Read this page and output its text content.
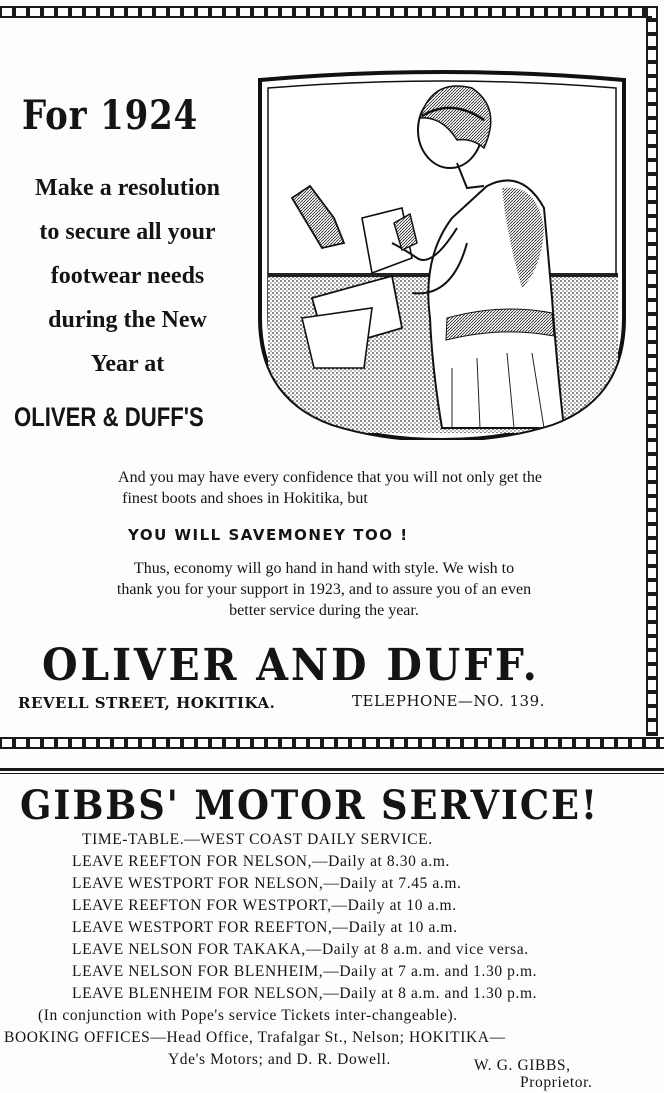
For 1924
Make a resolution
to secure all your
footwear needs
during the New
Year at
OLIVER & DUFF'S
And you may have every confidence that you will not only get the
finest boots and shoes in Hokitika, but
YOU WILL SAVEMONEY TOO !
Thus, economy will go hand in hand with style. We wish to
thank you for your support in 1923, and to assure you of an even
better service during the year.
OLIVER AND DUFF.
REVELL STREET, HOKITIKA.	TELEPHONE—NO. 139.
GIBBS' MOTOR SERVICE!
TIME-TABLE.—WEST COAST DAILY SERVICE.
LEAVE REEFTON FOR NELSON,—Daily at 8.30 a.m.
LEAVE WESTPORT FOR NELSON,—Daily at 7.45 a.m.
LEAVE REEFTON FOR WESTPORT,—Daily at 10 a.m.
LEAVE WESTPORT FOR REEFTON,—Daily at 10 a.m.
LEAVE NELSON FOR TAKAKA,—Daily at 8 a.m. and vice versa.
LEAVE NELSON FOR BLENHEIM,—Daily at 7 a.m. and 1.30 p.m.
LEAVE BLENHEIM FOR NELSON,—Daily at 8 a.m. and 1.30 p.m.
(In conjunction with Pope's service Tickets inter-changeable).
BOOKING OFFICES—Head Office, Trafalgar St., Nelson; HOKITIKA—
Yde's Motors; and D. R. Dowell.	W. G. GIBBS,
Proprietor.
